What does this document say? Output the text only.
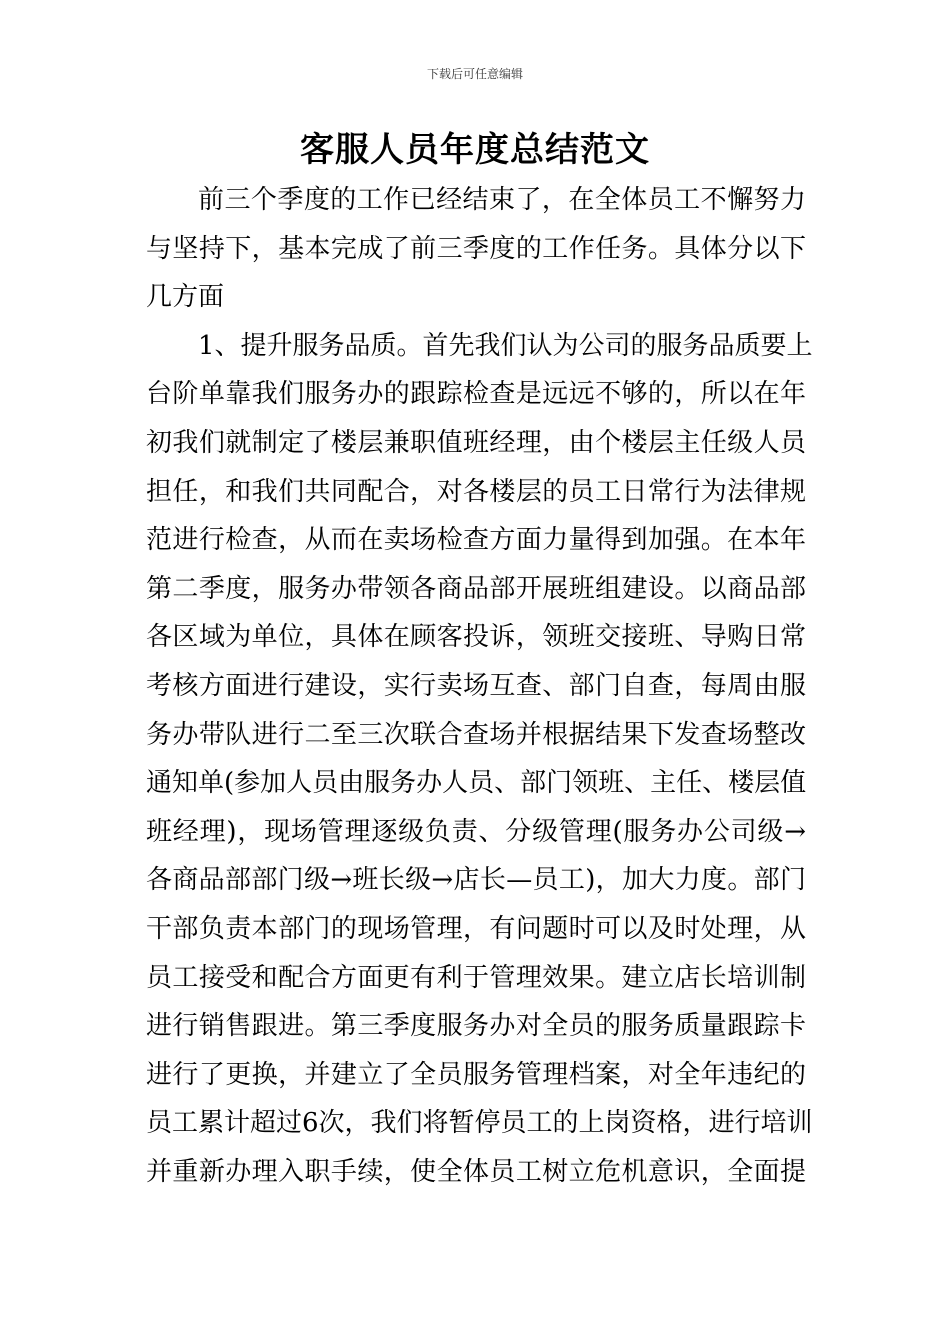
下载后可任意编辑
客服人员年度总结范文
前三个季度的工作已经结束了，在全体员工不懈努力
与坚持下，基本完成了前三季度的工作任务。具体分以下
几方面
1、提升服务品质。首先我们认为公司的服务品质要上
台阶单靠我们服务办的跟踪检查是远远不够的，所以在年
初我们就制定了楼层兼职值班经理，由个楼层主任级人员
担任，和我们共同配合，对各楼层的员工日常行为法律规
范进行检查，从而在卖场检查方面力量得到加强。在本年
第二季度，服务办带领各商品部开展班组建设。以商品部
各区域为单位，具体在顾客投诉，领班交接班、导购日常
考核方面进行建设，实行卖场互查、部门自查，每周由服
务办带队进行二至三次联合查场并根据结果下发查场整改
通知单(参加人员由服务办人员、部门领班、主任、楼层值
班经理)，现场管理逐级负责、分级管理(服务办公司级→
各商品部部门级→班长级→店长—员工)，加大力度。部门
干部负责本部门的现场管理，有问题时可以及时处理，从
员工接受和配合方面更有利于管理效果。建立店长培训制
进行销售跟进。第三季度服务办对全员的服务质量跟踪卡
进行了更换，并建立了全员服务管理档案，对全年违纪的
员工累计超过6次，我们将暂停员工的上岗资格，进行培训
并重新办理入职手续，使全体员工树立危机意识，全面提
